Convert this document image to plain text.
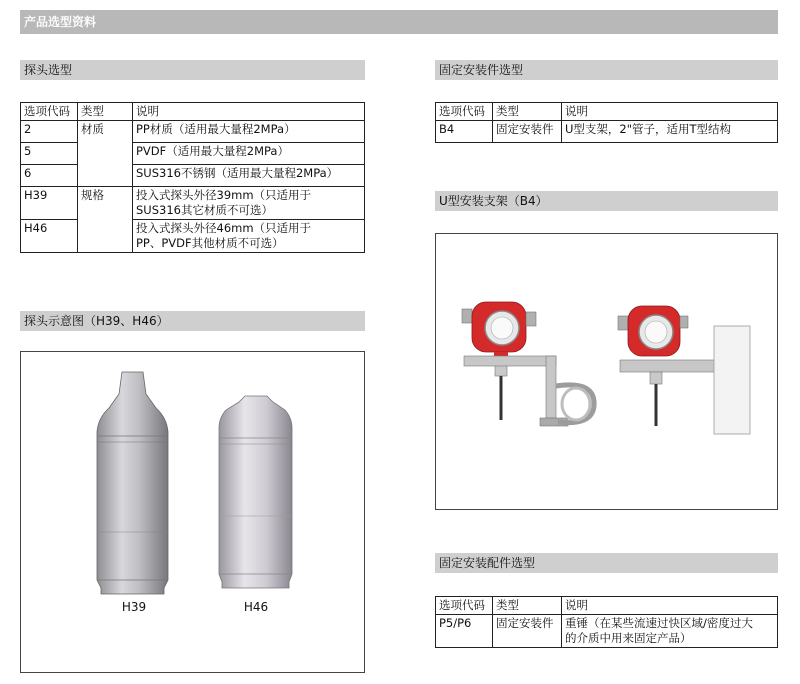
产品选型资料
探头选型
选项代码	类型	说明
2	材质	PP材质（适用最大量程2MPa）
5		PVDF（适用最大量程2MPa）
6		SUS316不锈钢（适用最大量程2MPa）
H39	规格	投入式探头外径39mm（只适用于
SUS316其它材质不可选）

H46		投入式探头外径46mm（只适用于
PP、PVDF其他材质不可选）
探头示意图（H39、H46）
H39	H46
固定安装件选型
选项代码	类型	说明
B4	固定安装件	U型支架，2"管子，适用T型结构
U型安装支架（B4）
固定安装配件选型
选项代码	类型	说明
P5/P6	固定安装件	重锤（在某些流速过快区域/密度过大
的介质中用来固定产品）
